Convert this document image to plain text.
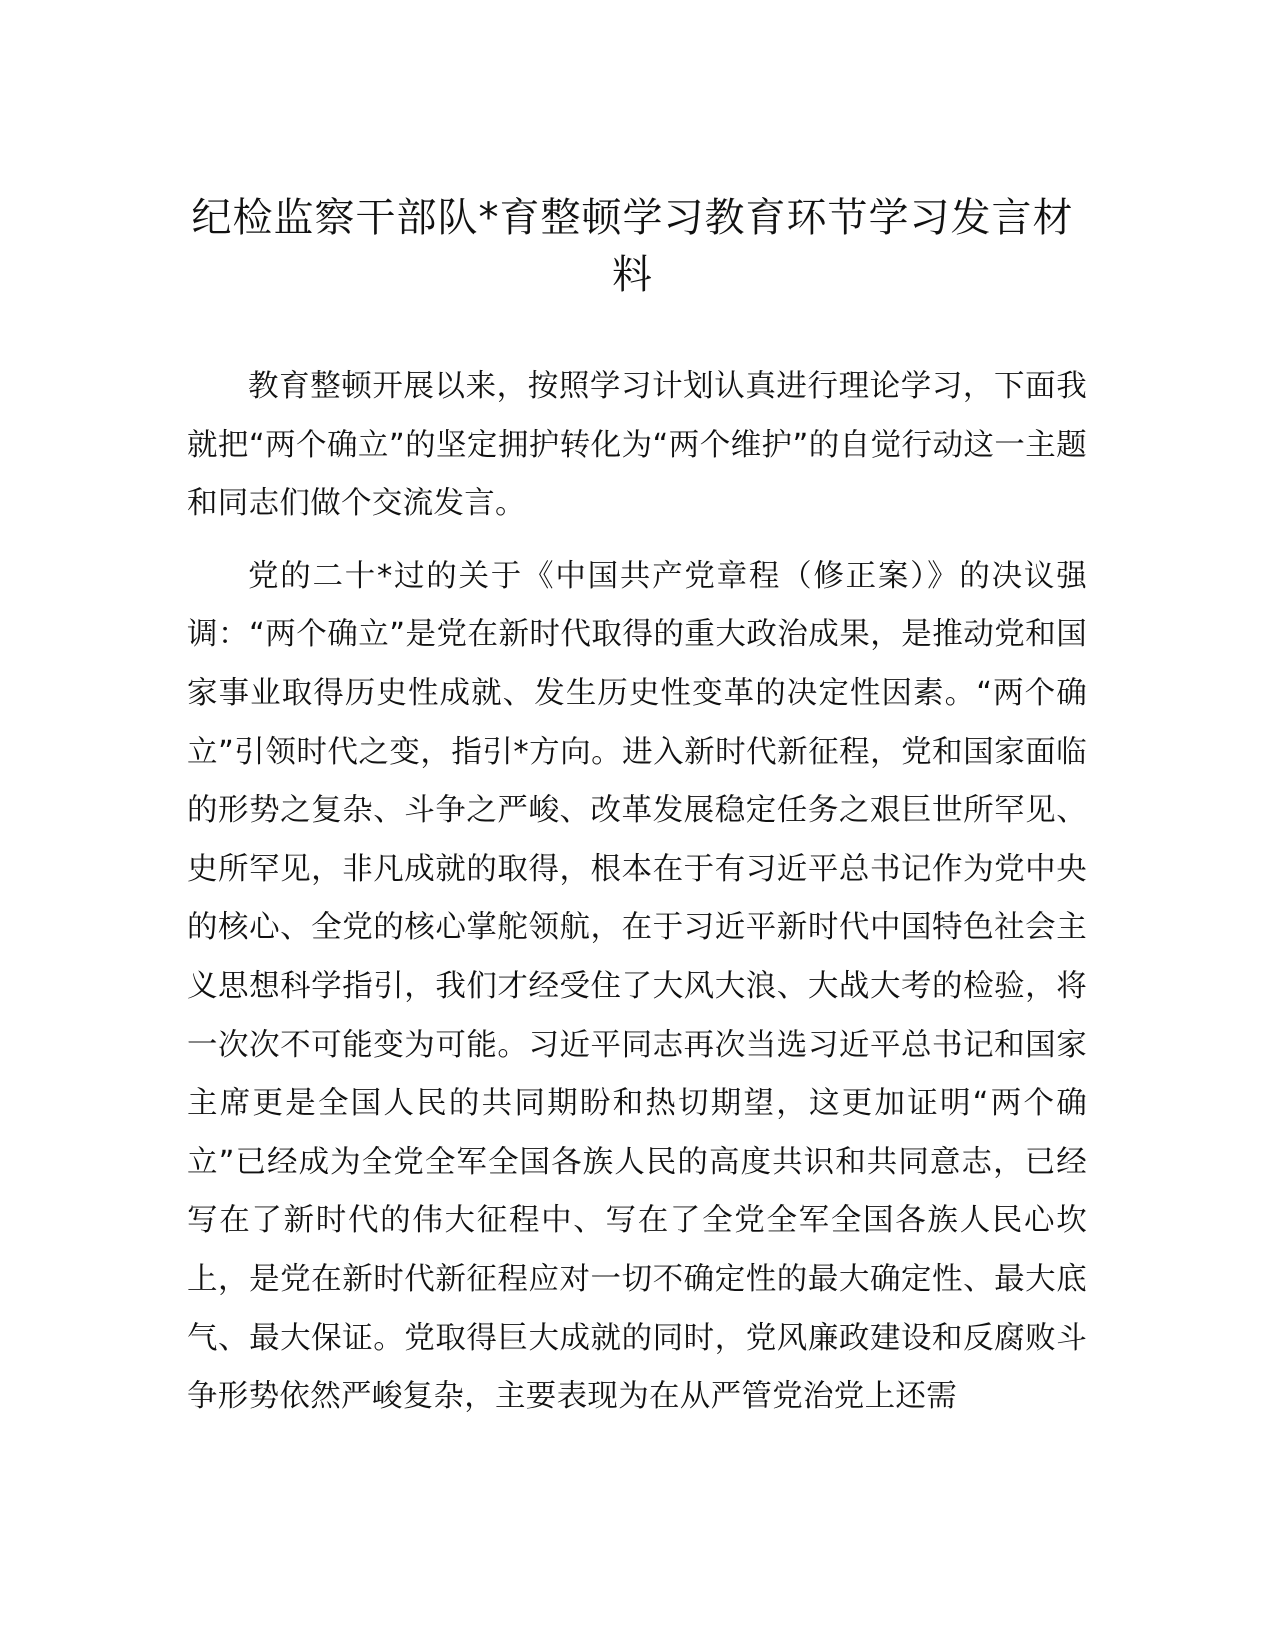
纪检监察干部队*育整顿学习教育环节学习发言材料

教育整顿开展以来，按照学习计划认真进行理论学习，下面我就把“两个确立”的坚定拥护转化为“两个维护”的自觉行动这一主题和同志们做个交流发言。

党的二十*过的关于《中国共产党章程（修正案）》的决议强调：“两个确立”是党在新时代取得的重大政治成果，是推动党和国家事业取得历史性成就、发生历史性变革的决定性因素。“两个确立”引领时代之变，指引*方向。进入新时代新征程，党和国家面临的形势之复杂、斗争之严峻、改革发展稳定任务之艰巨世所罕见、史所罕见，非凡成就的取得，根本在于有习近平总书记作为党中央的核心、全党的核心掌舵领航，在于习近平新时代中国特色社会主义思想科学指引，我们才经受住了大风大浪、大战大考的检验，将一次次不可能变为可能。习近平同志再次当选习近平总书记和国家主席更是全国人民的共同期盼和热切期望，这更加证明“两个确立”已经成为全党全军全国各族人民的高度共识和共同意志，已经写在了新时代的伟大征程中、写在了全党全军全国各族人民心坎上，是党在新时代新征程应对一切不确定性的最大确定性、最大底气、最大保证。党取得巨大成就的同时，党风廉政建设和反腐败斗争形势依然严峻复杂，主要表现为在从严管党治党上还需
